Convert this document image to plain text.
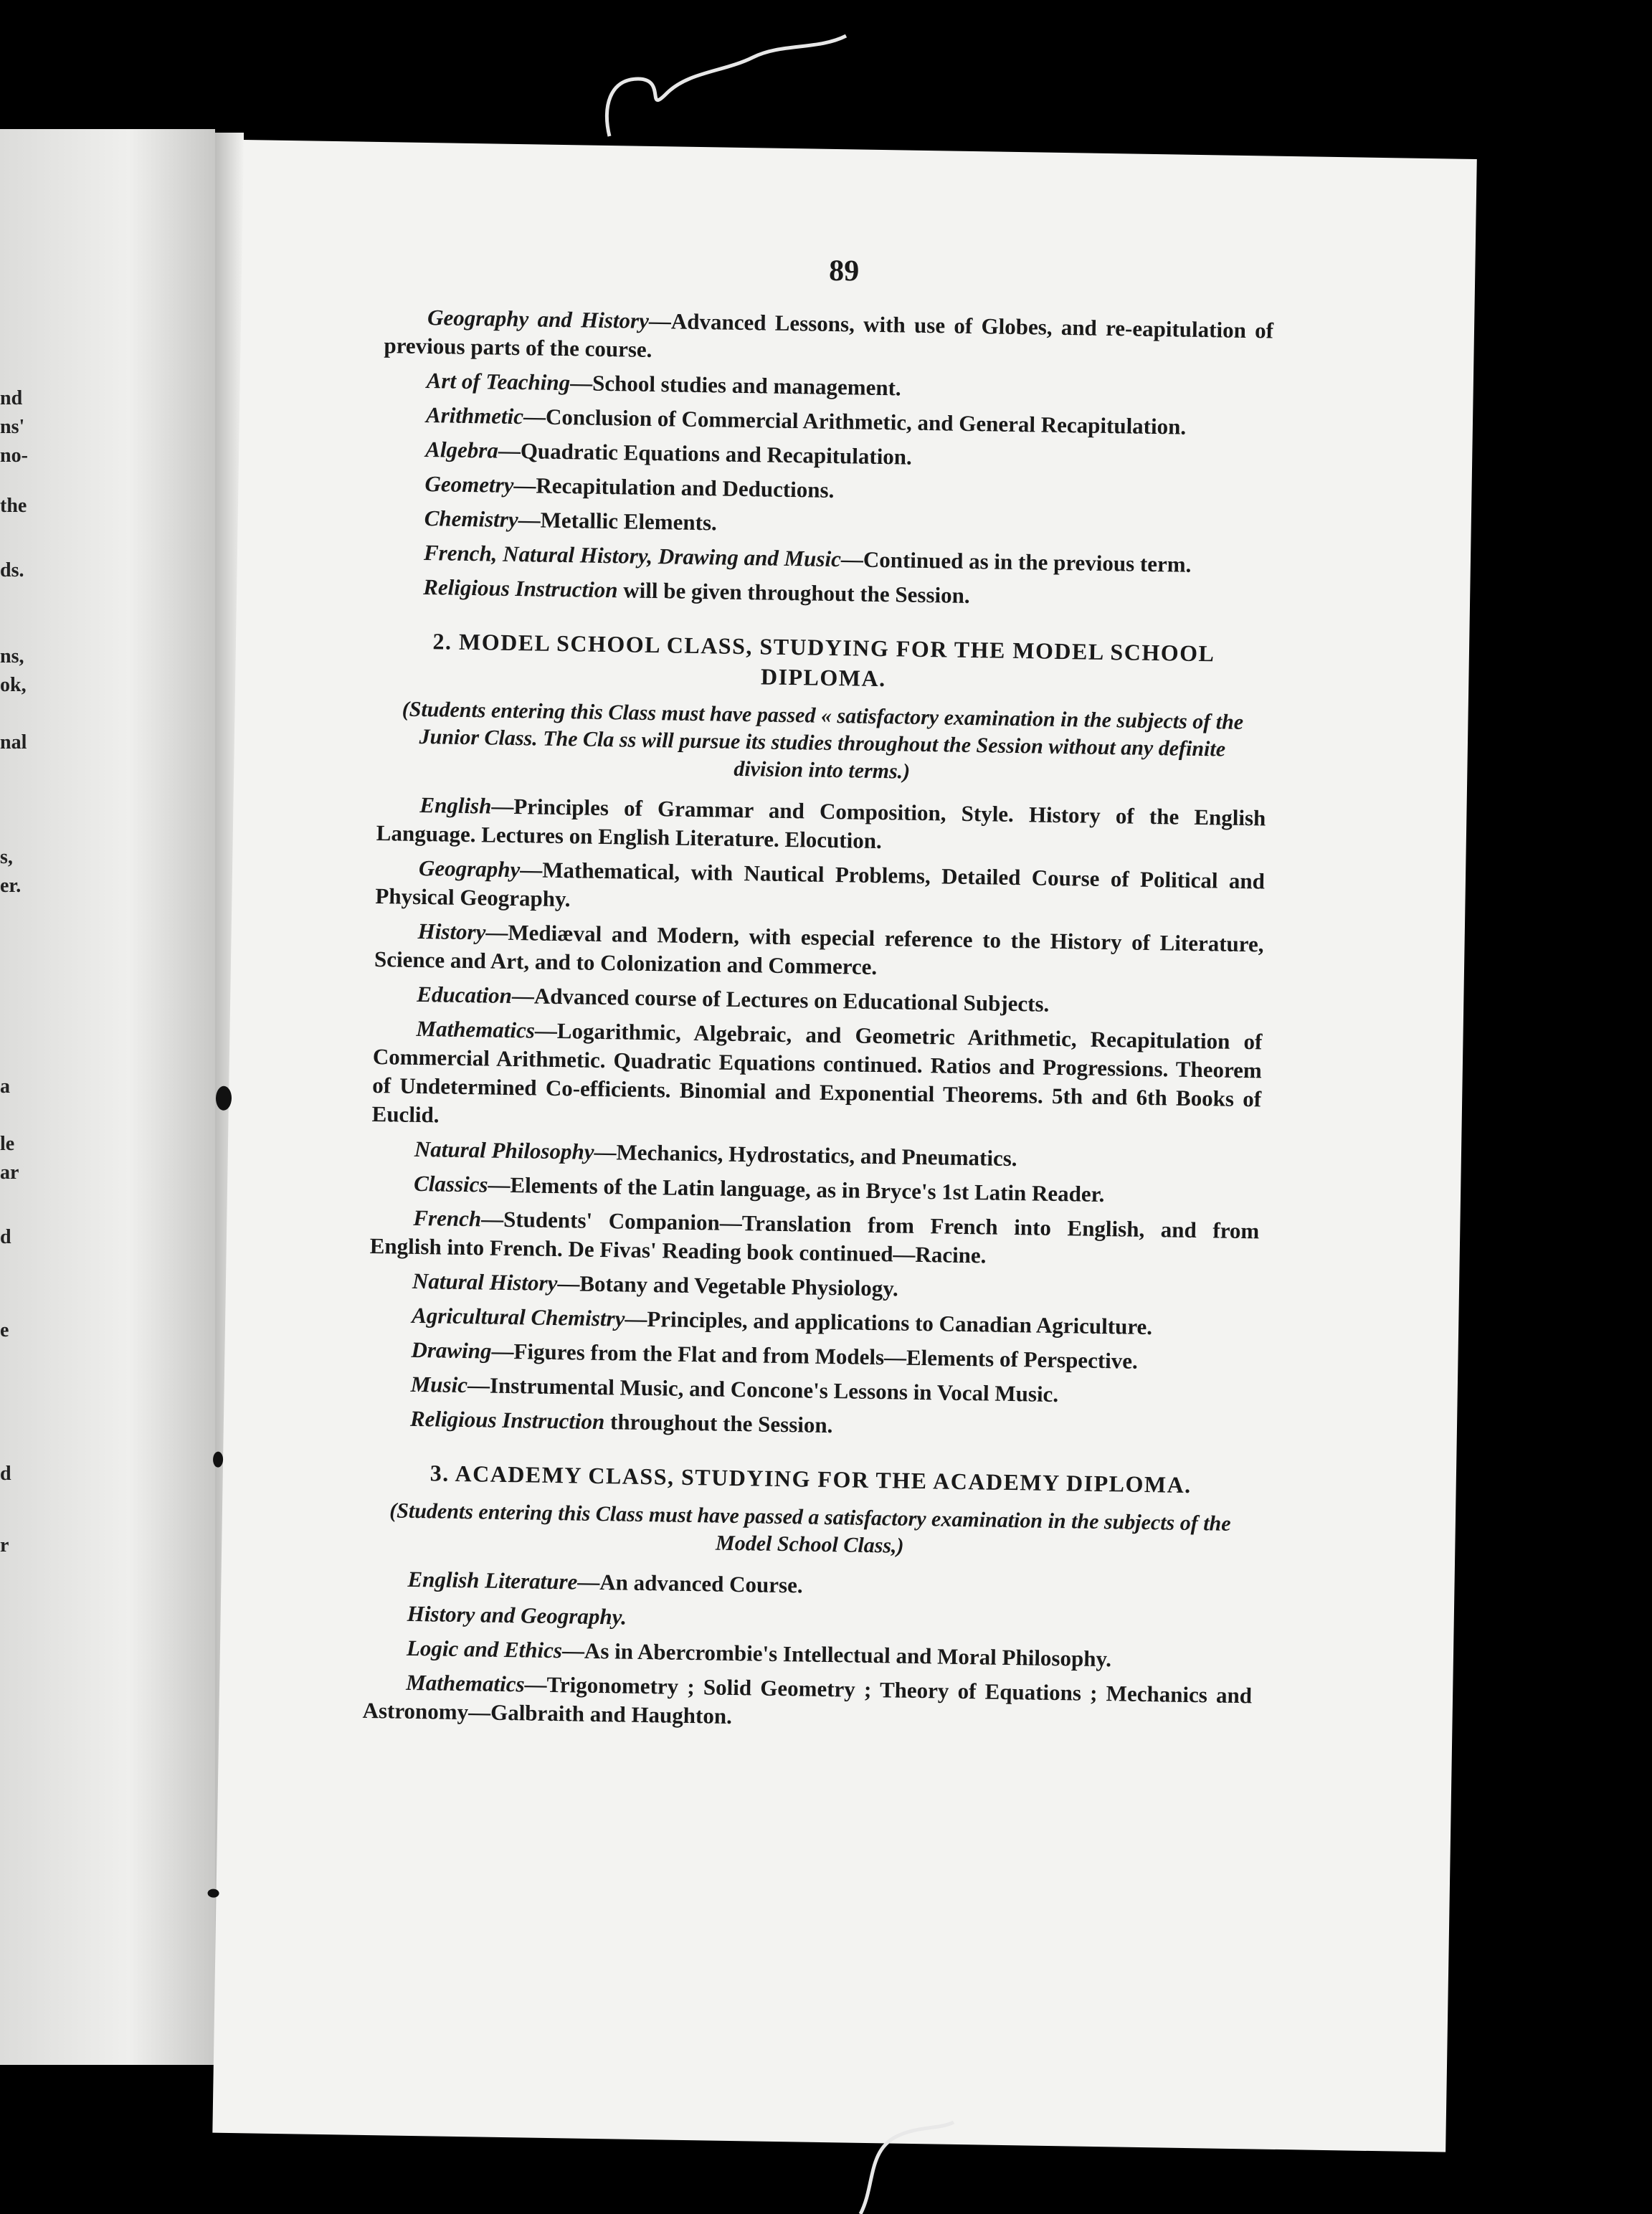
nd
ns'
no-
the
ds.
ns,
ok,
nal
s,
er.
a
le
ar
d
e
d
r
89
Geography and History—Advanced Lessons, with use of Globes, and re-eapitulation of previous parts of the course.
Art of Teaching—School studies and management.
Arithmetic—Conclusion of Commercial Arithmetic, and General Recapitulation.
Algebra—Quadratic Equations and Recapitulation.
Geometry—Recapitulation and Deductions.
Chemistry—Metallic Elements.
French, Natural History, Drawing and Music—Continued as in the previous term.
Religious Instruction will be given throughout the Session.
2. MODEL SCHOOL CLASS, STUDYING FOR THE MODEL SCHOOL DIPLOMA.
(Students entering this Class must have passed « satisfactory examination in the subjects of the Junior Class. The Cla ss will pursue its studies throughout the Session without any definite division into terms.)
English—Principles of Grammar and Composition, Style. History of the English Language. Lectures on English Literature. Elocution.
Geography—Mathematical, with Nautical Problems, Detailed Course of Political and Physical Geography.
History—Mediæval and Modern, with especial reference to the History of Literature, Science and Art, and to Colonization and Commerce.
Education—Advanced course of Lectures on Educational Subjects.
Mathematics—Logarithmic, Algebraic, and Geometric Arithmetic, Recapitulation of Commercial Arithmetic. Quadratic Equations continued. Ratios and Progressions. Theorem of Undetermined Co-efficients. Binomial and Exponential Theorems. 5th and 6th Books of Euclid.
Natural Philosophy—Mechanics, Hydrostatics, and Pneumatics.
Classics—Elements of the Latin language, as in Bryce's 1st Latin Reader.
French—Students' Companion—Translation from French into English, and from English into French. De Fivas' Reading book continued—Racine.
Natural History—Botany and Vegetable Physiology.
Agricultural Chemistry—Principles, and applications to Canadian Agriculture.
Drawing—Figures from the Flat and from Models—Elements of Perspective.
Music—Instrumental Music, and Concone's Lessons in Vocal Music.
Religious Instruction throughout the Session.
3. ACADEMY CLASS, STUDYING FOR THE ACADEMY DIPLOMA.
(Students entering this Class must have passed a satisfactory examination in the subjects of the Model School Class,)
English Literature—An advanced Course.
History and Geography.
Logic and Ethics—As in Abercrombie's Intellectual and Moral Philosophy.
Mathematics—Trigonometry ; Solid Geometry ; Theory of Equations ; Mechanics and Astronomy—Galbraith and Haughton.
